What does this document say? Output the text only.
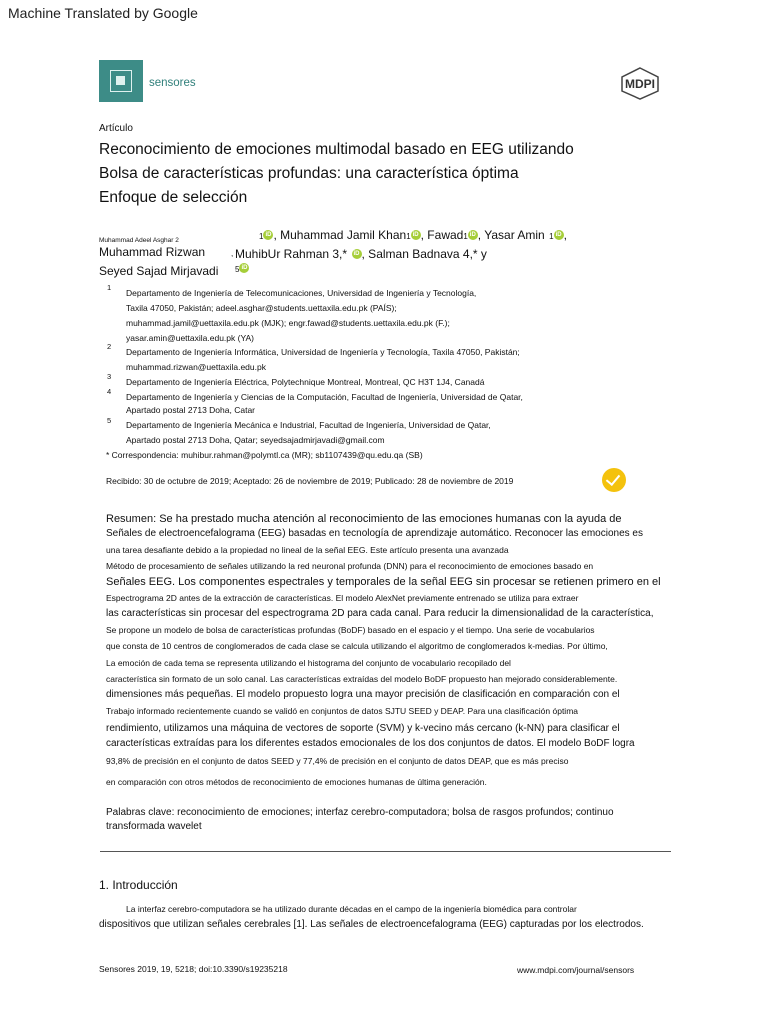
Machine Translated by Google
sensores	MDPI
Artículo
Reconocimiento de emociones multimodal basado en EEG utilizando
Bolsa de características profundas: una característica óptima
Enfoque de selección
Muhammad Adeel Asghar 2	1 iD , Muhammad Jamil Khan1 iD , Fawad1 iD , Yasar Amin 1 iD ,
Muhammad Rizwan	, MuhibUr Rahman 3,* iD , Salman Badnava 4,* y
Seyed Sajad Mirjavadi 5 iD
1
Departamento de Ingeniería de Telecomunicaciones, Universidad de Ingeniería y Tecnología,
Taxila 47050, Pakistán; adeel.asghar@students.uettaxila.edu.pk (PAÍS);
muhammad.jamil@uettaxila.edu.pk (MJK); engr.fawad@students.uettaxila.edu.pk (F.);
yasar.amin@uettaxila.edu.pk (YA)
2
Departamento de Ingeniería Informática, Universidad de Ingeniería y Tecnología, Taxila 47050, Pakistán;
muhammad.rizwan@uettaxila.edu.pk
3
Departamento de Ingeniería Eléctrica, Polytechnique Montreal, Montreal, QC H3T 1J4, Canadá
4
Departamento de Ingeniería y Ciencias de la Computación, Facultad de Ingeniería, Universidad de Qatar,
Apartado postal 2713 Doha, Catar
5 Departamento de Ingeniería Mecánica e Industrial, Facultad de Ingeniería, Universidad de Qatar,
Apartado postal 2713 Doha, Qatar; seyedsajadmirjavadi@gmail.com
* Correspondencia: muhibur.rahman@polymtl.ca (MR); sb1107439@qu.edu.qa (SB)
Recibido: 30 de octubre de 2019; Aceptado: 26 de noviembre de 2019; Publicado: 28 de noviembre de 2019
Resumen: Se ha prestado mucha atención al reconocimiento de las emociones humanas con la ayuda de
Señales de electroencefalograma (EEG) basadas en tecnología de aprendizaje automático. Reconocer las emociones es
una tarea desafiante debido a la propiedad no lineal de la señal EEG. Este artículo presenta una avanzada
Método de procesamiento de señales utilizando la red neuronal profunda (DNN) para el reconocimiento de emociones basado en
Señales EEG. Los componentes espectrales y temporales de la señal EEG sin procesar se retienen primero en el
Espectrograma 2D antes de la extracción de características. El modelo AlexNet previamente entrenado se utiliza para extraer
las características sin procesar del espectrograma 2D para cada canal. Para reducir la dimensionalidad de la característica,
Se propone un modelo de bolsa de características profundas (BoDF) basado en el espacio y el tiempo. Una serie de vocabularios
que consta de 10 centros de conglomerados de cada clase se calcula utilizando el algoritmo de conglomerados k-medias. Por último,
La emoción de cada tema se representa utilizando el histograma del conjunto de vocabulario recopilado del
característica sin formato de un solo canal. Las características extraídas del modelo BoDF propuesto han mejorado considerablemente.
dimensiones más pequeñas. El modelo propuesto logra una mayor precisión de clasificación en comparación con el
Trabajo informado recientemente cuando se validó en conjuntos de datos SJTU SEED y DEAP. Para una clasificación óptima
rendimiento, utilizamos una máquina de vectores de soporte (SVM) y k-vecino más cercano (k-NN) para clasificar el
características extraídas para los diferentes estados emocionales de los dos conjuntos de datos. El modelo BoDF logra
93,8% de precisión en el conjunto de datos SEED y 77,4% de precisión en el conjunto de datos DEAP, que es más preciso
en comparación con otros métodos de reconocimiento de emociones humanas de última generación.
Palabras clave: reconocimiento de emociones; interfaz cerebro-computadora; bolsa de rasgos profundos; continuo
transformada wavelet
1. Introducción
La interfaz cerebro-computadora se ha utilizado durante décadas en el campo de la ingeniería biomédica para controlar
dispositivos que utilizan señales cerebrales [1]. Las señales de electroencefalograma (EEG) capturadas por los electrodos.
Sensores 2019, 19, 5218; doi:10.3390/s19235218	www.mdpi.com/journal/sensors
